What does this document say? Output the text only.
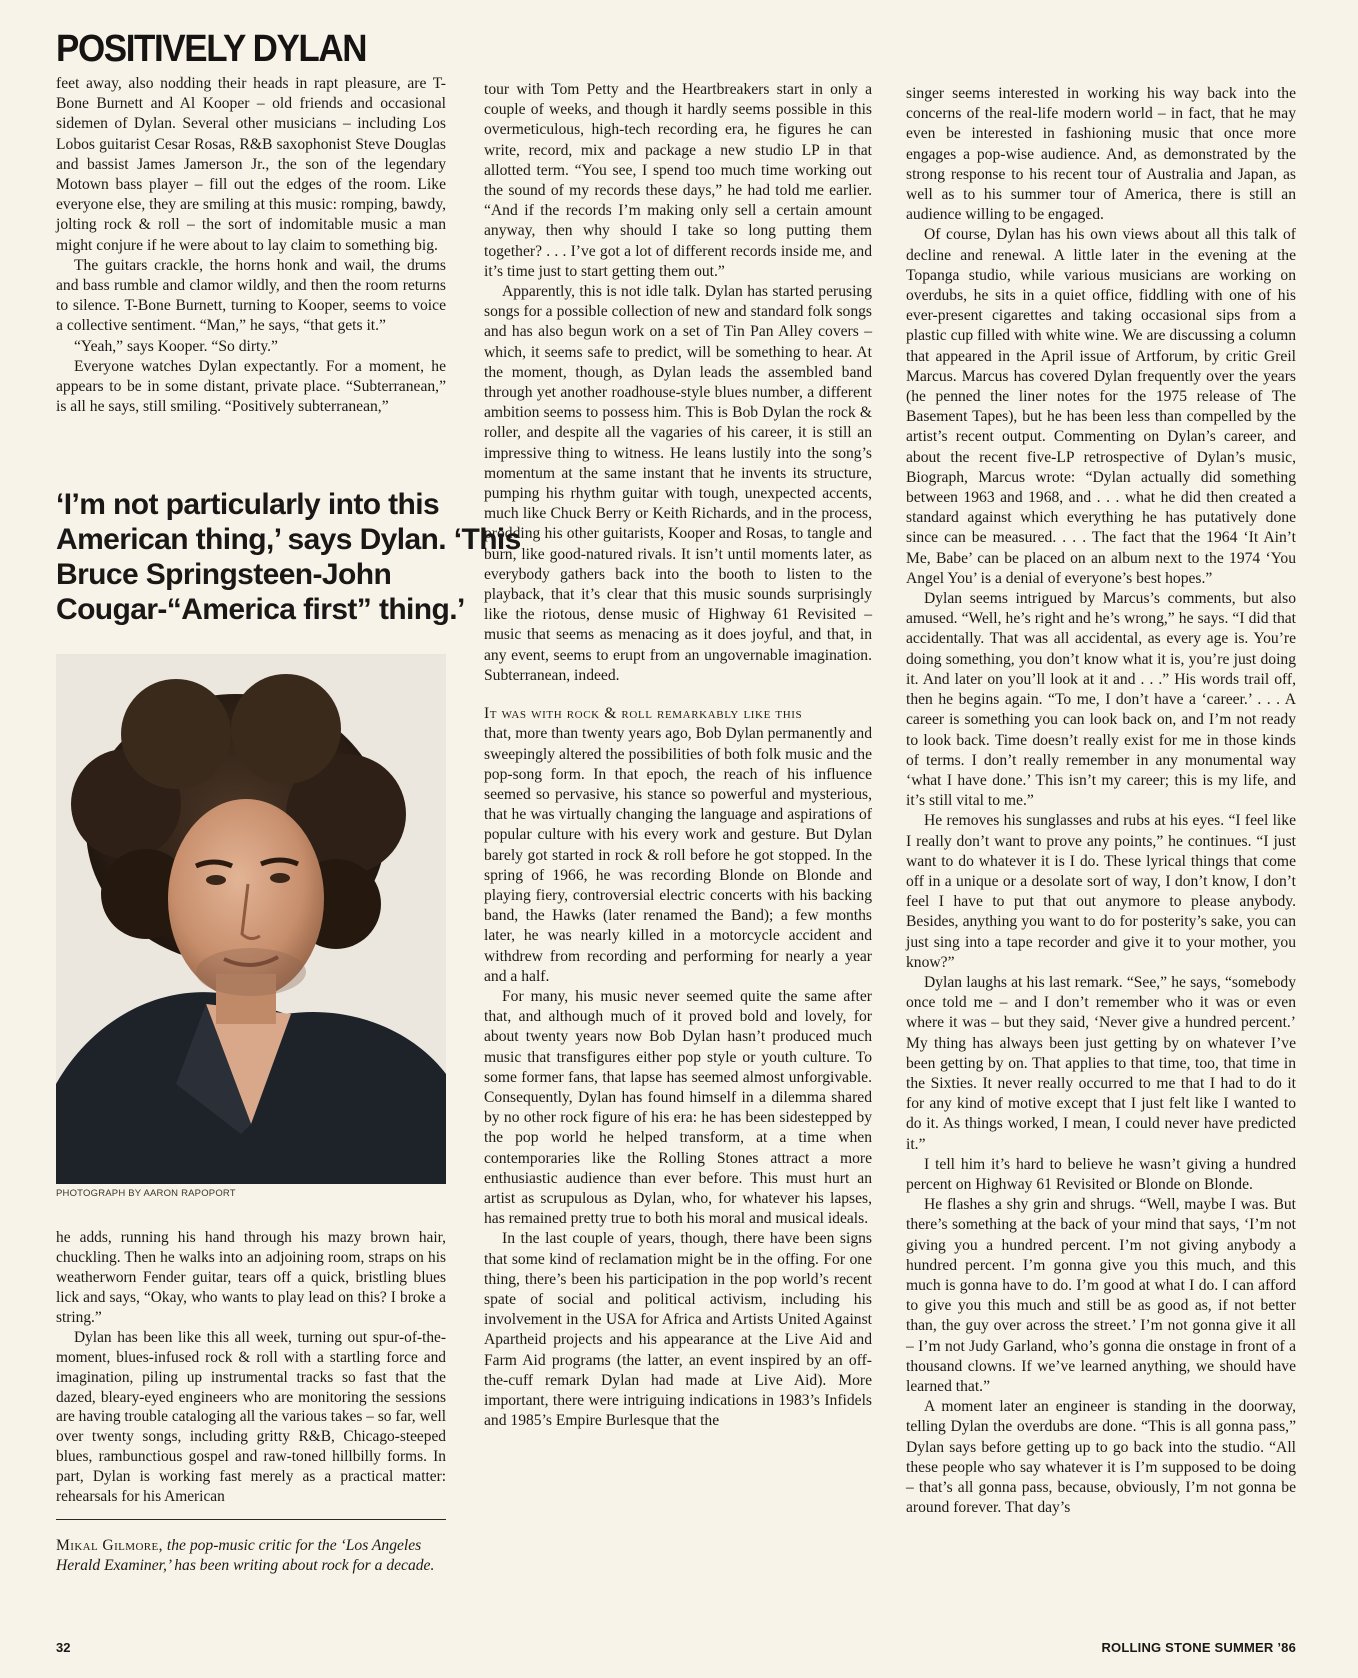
POSITIVELY DYLAN

feet away, also nodding their heads in rapt pleasure, are T-Bone Burnett and Al Kooper – old friends and occasional sidemen of Dylan. Several other musicians – including Los Lobos guitarist Cesar Rosas, R&B saxophonist Steve Douglas and bassist James Jamerson Jr., the son of the legendary Motown bass player – fill out the edges of the room. Like everyone else, they are smiling at this music: romping, bawdy, jolting rock & roll – the sort of indomitable music a man might conjure if he were about to lay claim to something big.

The guitars crackle, the horns honk and wail, the drums and bass rumble and clamor wildly, and then the room returns to silence. T-Bone Burnett, turning to Kooper, seems to voice a collective sentiment. “Man,” he says, “that gets it.”

“Yeah,” says Kooper. “So dirty.”

Everyone watches Dylan expectantly. For a moment, he appears to be in some distant, private place. “Subterranean,” is all he says, still smiling. “Positively subterranean,”

‘I’m not particularly into this American thing,’ says Dylan. ‘This Bruce Springsteen-John Cougar-“America first” thing.’
PHOTOGRAPH BY AARON RAPOPORT

he adds, running his hand through his mazy brown hair, chuckling. Then he walks into an adjoining room, straps on his weatherworn Fender guitar, tears off a quick, bristling blues lick and says, “Okay, who wants to play lead on this? I broke a string.”

Dylan has been like this all week, turning out spur-of-the-moment, blues-infused rock & roll with a startling force and imagination, piling up instrumental tracks so fast that the dazed, bleary-eyed engineers who are monitoring the sessions are having trouble cataloging all the various takes – so far, well over twenty songs, including gritty R&B, Chicago-steeped blues, rambunctious gospel and raw-toned hillbilly forms. In part, Dylan is working fast merely as a practical matter: rehearsals for his American

Mikal Gilmore, the pop-music critic for the ‘Los Angeles Herald Examiner,’ has been writing about rock for a decade.

tour with Tom Petty and the Heartbreakers start in only a couple of weeks, and though it hardly seems possible in this overmeticulous, high-tech recording era, he figures he can write, record, mix and package a new studio LP in that allotted term. “You see, I spend too much time working out the sound of my records these days,” he had told me earlier. “And if the records I’m making only sell a certain amount anyway, then why should I take so long putting them together? . . . I’ve got a lot of different records inside me, and it’s time just to start getting them out.”

Apparently, this is not idle talk. Dylan has started perusing songs for a possible collection of new and standard folk songs and has also begun work on a set of Tin Pan Alley covers – which, it seems safe to predict, will be something to hear. At the moment, though, as Dylan leads the assembled band through yet another roadhouse-style blues number, a different ambition seems to possess him. This is Bob Dylan the rock & roller, and despite all the vagaries of his career, it is still an impressive thing to witness. He leans lustily into the song’s momentum at the same instant that he invents its structure, pumping his rhythm guitar with tough, unexpected accents, much like Chuck Berry or Keith Richards, and in the process, prodding his other guitarists, Kooper and Rosas, to tangle and burn, like good-natured rivals. It isn’t until moments later, as everybody gathers back into the booth to listen to the playback, that it’s clear that this music sounds surprisingly like the riotous, dense music of Highway 61 Revisited – music that seems as menacing as it does joyful, and that, in any event, seems to erupt from an ungovernable imagination. Subterranean, indeed.

It was with rock & roll remarkably like this

that, more than twenty years ago, Bob Dylan permanently and sweepingly altered the possibilities of both folk music and the pop-song form. In that epoch, the reach of his influence seemed so pervasive, his stance so powerful and mysterious, that he was virtually changing the language and aspirations of popular culture with his every work and gesture. But Dylan barely got started in rock & roll before he got stopped. In the spring of 1966, he was recording Blonde on Blonde and playing fiery, controversial electric concerts with his backing band, the Hawks (later renamed the Band); a few months later, he was nearly killed in a motorcycle accident and withdrew from recording and performing for nearly a year and a half.

For many, his music never seemed quite the same after that, and although much of it proved bold and lovely, for about twenty years now Bob Dylan hasn’t produced much music that transfigures either pop style or youth culture. To some former fans, that lapse has seemed almost unforgivable. Consequently, Dylan has found himself in a dilemma shared by no other rock figure of his era: he has been sidestepped by the pop world he helped transform, at a time when contemporaries like the Rolling Stones attract a more enthusiastic audience than ever before. This must hurt an artist as scrupulous as Dylan, who, for whatever his lapses, has remained pretty true to both his moral and musical ideals.

In the last couple of years, though, there have been signs that some kind of reclamation might be in the offing. For one thing, there’s been his participation in the pop world’s recent spate of social and political activism, including his involvement in the USA for Africa and Artists United Against Apartheid projects and his appearance at the Live Aid and Farm Aid programs (the latter, an event inspired by an off-the-cuff remark Dylan had made at Live Aid). More important, there were intriguing indications in 1983’s Infidels and 1985’s Empire Burlesque that the

singer seems interested in working his way back into the concerns of the real-life modern world – in fact, that he may even be interested in fashioning music that once more engages a pop-wise audience. And, as demonstrated by the strong response to his recent tour of Australia and Japan, as well as to his summer tour of America, there is still an audience willing to be engaged.

Of course, Dylan has his own views about all this talk of decline and renewal. A little later in the evening at the Topanga studio, while various musicians are working on overdubs, he sits in a quiet office, fiddling with one of his ever-present cigarettes and taking occasional sips from a plastic cup filled with white wine. We are discussing a column that appeared in the April issue of Artforum, by critic Greil Marcus. Marcus has covered Dylan frequently over the years (he penned the liner notes for the 1975 release of The Basement Tapes), but he has been less than compelled by the artist’s recent output. Commenting on Dylan’s career, and about the recent five-LP retrospective of Dylan’s music, Biograph, Marcus wrote: “Dylan actually did something between 1963 and 1968, and . . . what he did then created a standard against which everything he has putatively done since can be measured. . . . The fact that the 1964 ‘It Ain’t Me, Babe’ can be placed on an album next to the 1974 ‘You Angel You’ is a denial of everyone’s best hopes.”

Dylan seems intrigued by Marcus’s comments, but also amused. “Well, he’s right and he’s wrong,” he says. “I did that accidentally. That was all accidental, as every age is. You’re doing something, you don’t know what it is, you’re just doing it. And later on you’ll look at it and . . .” His words trail off, then he begins again. “To me, I don’t have a ‘career.’ . . . A career is something you can look back on, and I’m not ready to look back. Time doesn’t really exist for me in those kinds of terms. I don’t really remember in any monumental way ‘what I have done.’ This isn’t my career; this is my life, and it’s still vital to me.”

He removes his sunglasses and rubs at his eyes. “I feel like I really don’t want to prove any points,” he continues. “I just want to do whatever it is I do. These lyrical things that come off in a unique or a desolate sort of way, I don’t know, I don’t feel I have to put that out anymore to please anybody. Besides, anything you want to do for posterity’s sake, you can just sing into a tape recorder and give it to your mother, you know?”

Dylan laughs at his last remark. “See,” he says, “somebody once told me – and I don’t remember who it was or even where it was – but they said, ‘Never give a hundred percent.’ My thing has always been just getting by on whatever I’ve been getting by on. That applies to that time, too, that time in the Sixties. It never really occurred to me that I had to do it for any kind of motive except that I just felt like I wanted to do it. As things worked, I mean, I could never have predicted it.”

I tell him it’s hard to believe he wasn’t giving a hundred percent on Highway 61 Revisited or Blonde on Blonde.

He flashes a shy grin and shrugs. “Well, maybe I was. But there’s something at the back of your mind that says, ‘I’m not giving you a hundred percent. I’m not giving anybody a hundred percent. I’m gonna give you this much, and this much is gonna have to do. I’m good at what I do. I can afford to give you this much and still be as good as, if not better than, the guy over across the street.’ I’m not gonna give it all – I’m not Judy Garland, who’s gonna die onstage in front of a thousand clowns. If we’ve learned anything, we should have learned that.”

A moment later an engineer is standing in the doorway, telling Dylan the overdubs are done. “This is all gonna pass,” Dylan says before getting up to go back into the studio. “All these people who say whatever it is I’m supposed to be doing – that’s all gonna pass, because, obviously, I’m not gonna be around forever. That day’s

32	ROLLING STONE SUMMER ’86
